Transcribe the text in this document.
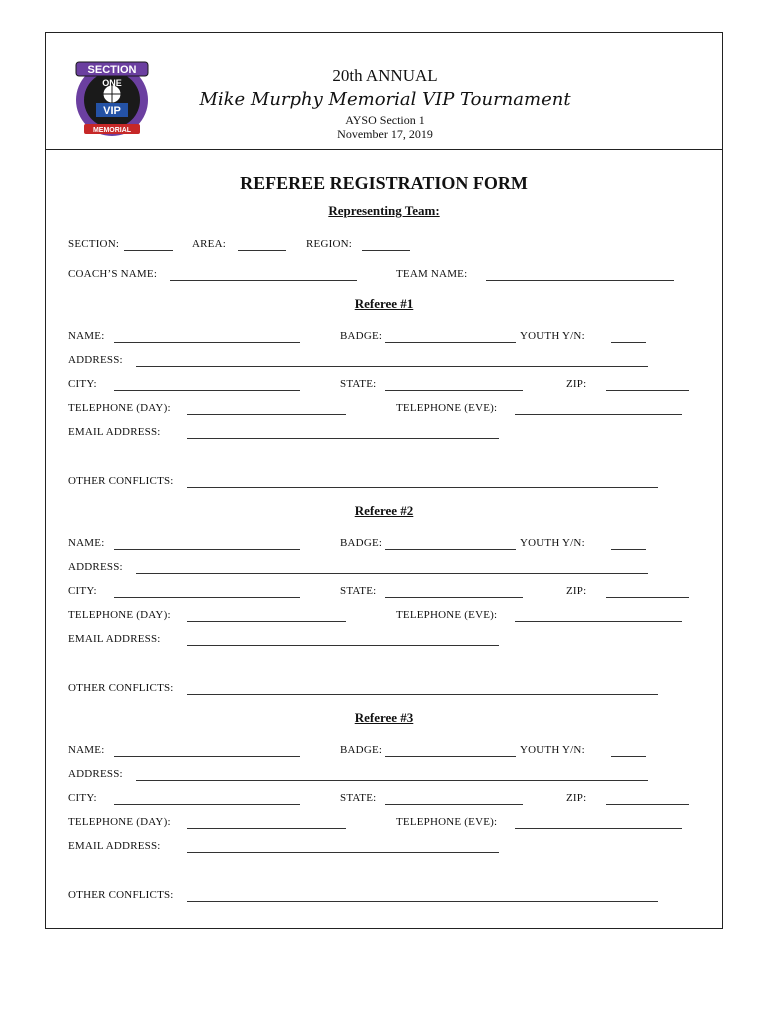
SECTION
VIP
ONE
MEMORIAL
20th ANNUAL
Mike Murphy Memorial VIP Tournament
AYSO Section 1
November 17, 2019
REFEREE REGISTRATION FORM
Representing Team:
SECTION:	AREA:	REGION:
COACH’S NAME:	TEAM NAME:
Referee #1
NAME:	BADGE:	YOUTH Y/N:
ADDRESS:
CITY:	STATE:	ZIP:
TELEPHONE (DAY):	TELEPHONE (EVE):
EMAIL ADDRESS:
OTHER CONFLICTS:
Referee #2
NAME:	BADGE:	YOUTH Y/N:
ADDRESS:
CITY:	STATE:	ZIP:
TELEPHONE (DAY):	TELEPHONE (EVE):
EMAIL ADDRESS:
OTHER CONFLICTS:
Referee #3
NAME:	BADGE:	YOUTH Y/N:
ADDRESS:
CITY:	STATE:	ZIP:
TELEPHONE (DAY):	TELEPHONE (EVE):
EMAIL ADDRESS:
OTHER CONFLICTS:
